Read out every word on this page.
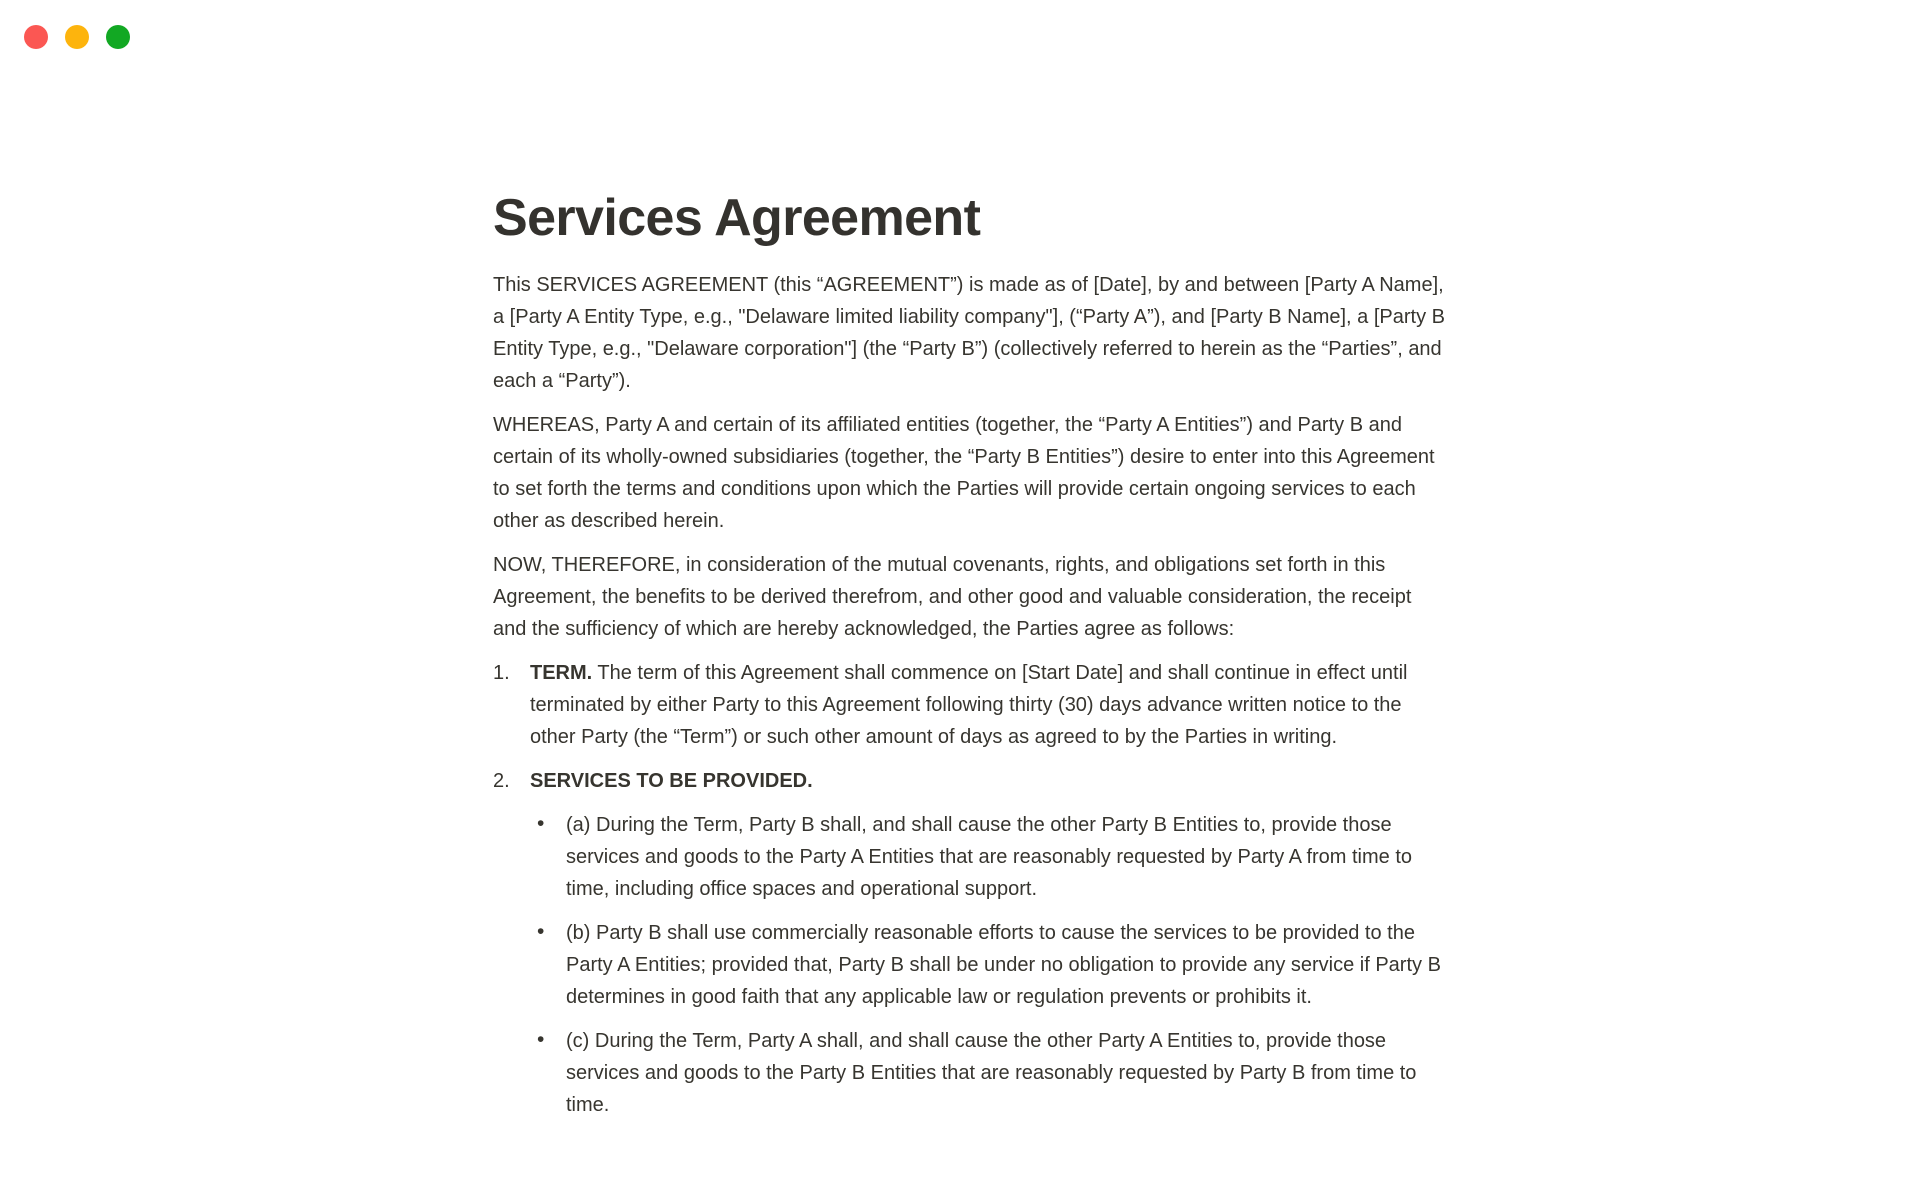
Services Agreement

This SERVICES AGREEMENT (this “AGREEMENT”) is made as of [Date], by and between [Party A Name], a [Party A Entity Type, e.g., "Delaware limited liability company"], (“Party A”), and [Party B Name], a [Party B Entity Type, e.g., "Delaware corporation"] (the “Party B”) (collectively referred to herein as the “Parties”, and each a “Party”).

WHEREAS, Party A and certain of its affiliated entities (together, the “Party A Entities”) and Party B and certain of its wholly-owned subsidiaries (together, the “Party B Entities”) desire to enter into this Agreement to set forth the terms and conditions upon which the Parties will provide certain ongoing services to each other as described herein.

NOW, THEREFORE, in consideration of the mutual covenants, rights, and obligations set forth in this Agreement, the benefits to be derived therefrom, and other good and valuable consideration, the receipt and the sufficiency of which are hereby acknowledged, the Parties agree as follows:

1.	TERM. The term of this Agreement shall commence on [Start Date] and shall continue in effect until terminated by either Party to this Agreement following thirty (30) days advance written notice to the other Party (the “Term”) or such other amount of days as agreed to by the Parties in writing.
2.	SERVICES TO BE PROVIDED.
• (a) During the Term, Party B shall, and shall cause the other Party B Entities to, provide those services and goods to the Party A Entities that are reasonably requested by Party A from time to time, including office spaces and operational support.
• (b) Party B shall use commercially reasonable efforts to cause the services to be provided to the Party A Entities; provided that, Party B shall be under no obligation to provide any service if Party B determines in good faith that any applicable law or regulation prevents or prohibits it.
• (c) During the Term, Party A shall, and shall cause the other Party A Entities to, provide those services and goods to the Party B Entities that are reasonably requested by Party B from time to time.
